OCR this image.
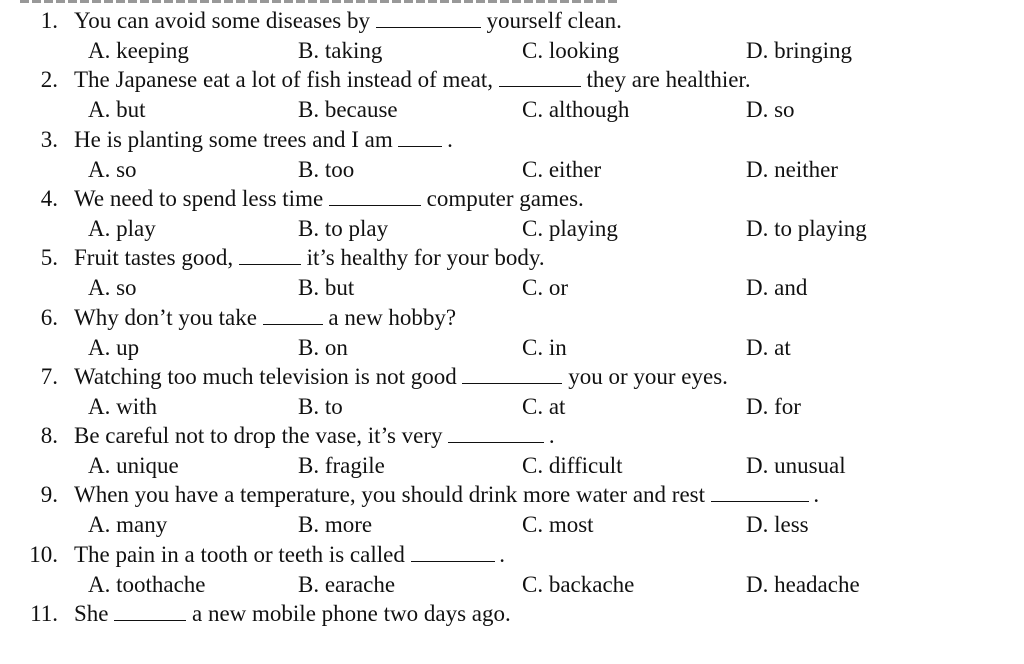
1. You can avoid some diseases by	yourself clean.
A. keeping	B. taking	C. looking	D. bringing
2. The Japanese eat a lot of fish instead of meat,	they are healthier.
A. but	B. because	C. although	D. so
3. He is planting some trees and I am   .
A. so	B. too	C. either	D. neither
4. We need to spend less time	computer games.
A. play	B. to play	C. playing	D. to playing
5. Fruit tastes good,	it’s healthy for your body.
A. so	B. but	C. or	D. and
6. Why don’t you take	a new hobby?
A. up	B. on	C. in	D. at
7. Watching too much television is not good	you or your eyes.
A. with	B. to	C. at	D. for
8. Be careful not to drop the vase, it’s very  	.
A. unique	B. fragile	C. difficult	D. unusual
9. When you have a temperature, you should drink more water and rest  	.
A. many	B. more	C. most	D. less
10. The pain in a tooth or teeth is called  	.
A. toothache	B. earache	C. backache	D. headache
11. She	a new mobile phone two days ago.
